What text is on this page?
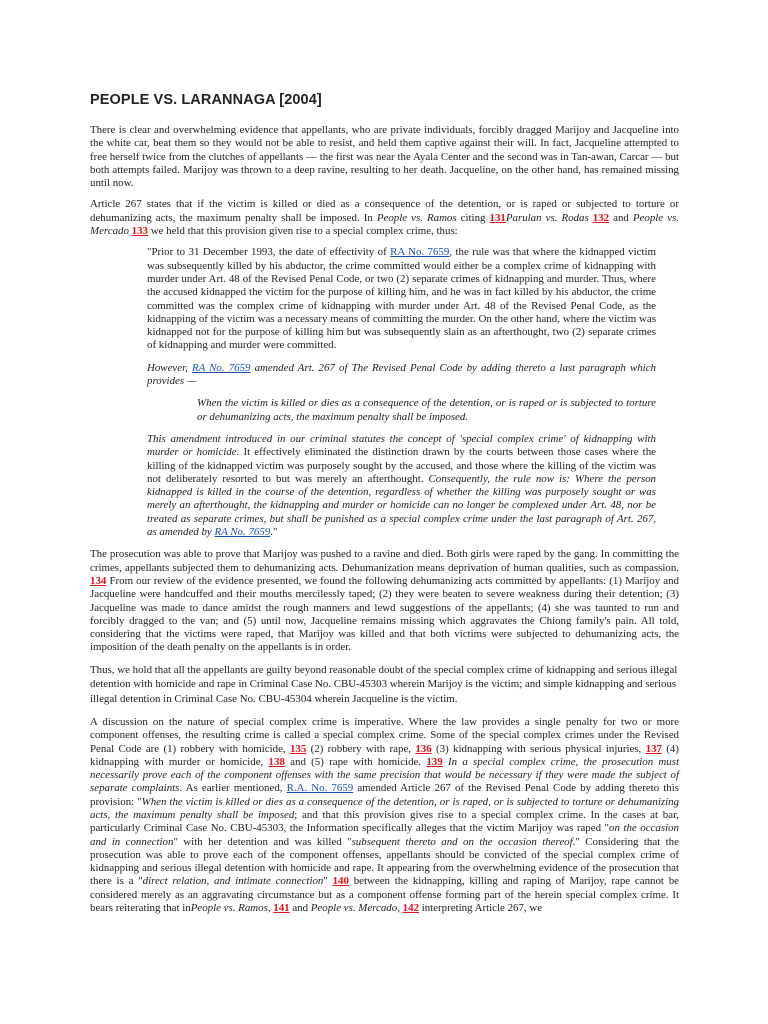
PEOPLE VS. LARANNAGA [2004]

There is clear and overwhelming evidence that appellants, who are private individuals, forcibly dragged Marijoy and Jacqueline into the white car, beat them so they would not be able to resist, and held them captive against their will. In fact, Jacqueline attempted to free herself twice from the clutches of appellants — the first was near the Ayala Center and the second was in Tan-awan, Carcar — but both attempts failed. Marijoy was thrown to a deep ravine, resulting to her death. Jacqueline, on the other hand, has remained missing until now.

Article 267 states that if the victim is killed or died as a consequence of the detention, or is raped or subjected to torture or dehumanizing acts, the maximum penalty shall be imposed. In People vs. Ramos citing 131Parulan vs. Rodas 132 and People vs. Mercado 133 we held that this provision given rise to a special complex crime, thus:

"Prior to 31 December 1993, the date of effectivity of RA No. 7659, the rule was that where the kidnapped victim was subsequently killed by his abductor, the crime committed would either be a complex crime of kidnapping with murder under Art. 48 of the Revised Penal Code, or two (2) separate crimes of kidnapping and murder. Thus, where the accused kidnapped the victim for the purpose of killing him, and he was in fact killed by his abductor, the crime committed was the complex crime of kidnapping with murder under Art. 48 of the Revised Penal Code, as the kidnapping of the victim was a necessary means of committing the murder. On the other hand, where the victim was kidnapped not for the purpose of killing him but was subsequently slain as an afterthought, two (2) separate crimes of kidnapping and murder were committed.

However, RA No. 7659 amended Art. 267 of The Revised Penal Code by adding thereto a last paragraph which provides —

When the victim is killed or dies as a consequence of the detention, or is raped or is subjected to torture or dehumanizing acts, the maximum penalty shall be imposed.

This amendment introduced in our criminal statutes the concept of 'special complex crime' of kidnapping with murder or homicide. It effectively eliminated the distinction drawn by the courts between those cases where the killing of the kidnapped victim was purposely sought by the accused, and those where the killing of the victim was not deliberately resorted to but was merely an afterthought. Consequently, the rule now is: Where the person kidnapped is killed in the course of the detention, regardless of whether the killing was purposely sought or was merely an afterthought, the kidnapping and murder or homicide can no longer be complexed under Art. 48, nor be treated as separate crimes, but shall be punished as a special complex crime under the last paragraph of Art. 267, as amended by RA No. 7659."

The prosecution was able to prove that Marijoy was pushed to a ravine and died. Both girls were raped by the gang. In committing the crimes, appellants subjected them to dehumanizing acts. Dehumanization means deprivation of human qualities, such as compassion. 134 From our review of the evidence presented, we found the following dehumanizing acts committed by appellants: (1) Marijoy and Jacqueline were handcuffed and their mouths mercilessly taped; (2) they were beaten to severe weakness during their detention; (3) Jacqueline was made to dance amidst the rough manners and lewd suggestions of the appellants; (4) she was taunted to run and forcibly dragged to the van; and (5) until now, Jacqueline remains missing which aggravates the Chiong family's pain. All told, considering that the victims were raped, that Marijoy was killed and that both victims were subjected to dehumanizing acts, the imposition of the death penalty on the appellants is in order.

Thus, we hold that all the appellants are guilty beyond reasonable doubt of the special complex crime of kidnapping and serious illegal detention with homicide and rape in Criminal Case No. CBU-45303 wherein Marijoy is the victim; and simple kidnapping and serious illegal detention in Criminal Case No. CBU-45304 wherein Jacqueline is the victim.

A discussion on the nature of special complex crime is imperative. Where the law provides a single penalty for two or more component offenses, the resulting crime is called a special complex crime. Some of the special complex crimes under the Revised Penal Code are (1) robbery with homicide, 135 (2) robbery with rape, 136 (3) kidnapping with serious physical injuries, 137 (4) kidnapping with murder or homicide, 138 and (5) rape with homicide. 139 In a special complex crime, the prosecution must necessarily prove each of the component offenses with the same precision that would be necessary if they were made the subject of separate complaints. As earlier mentioned, R.A. No. 7659 amended Article 267 of the Revised Penal Code by adding thereto this provision: "When the victim is killed or dies as a consequence of the detention, or is raped, or is subjected to torture or dehumanizing acts, the maximum penalty shall be imposed; and that this provision gives rise to a special complex crime. In the cases at bar, particularly Criminal Case No. CBU-45303, the Information specifically alleges that the victim Marijoy was raped "on the occasion and in connection" with her detention and was killed "subsequent thereto and on the occasion thereof." Considering that the prosecution was able to prove each of the component offenses, appellants should be convicted of the special complex crime of kidnapping and serious illegal detention with homicide and rape. It appearing from the overwhelming evidence of the prosecution that there is a "direct relation, and intimate connection" 140 between the kidnapping, killing and raping of Marijoy, rape cannot be considered merely as an aggravating circumstance but as a component offense forming part of the herein special complex crime. It bears reiterating that inPeople vs. Ramos, 141 and People vs. Mercado, 142 interpreting Article 267, we
